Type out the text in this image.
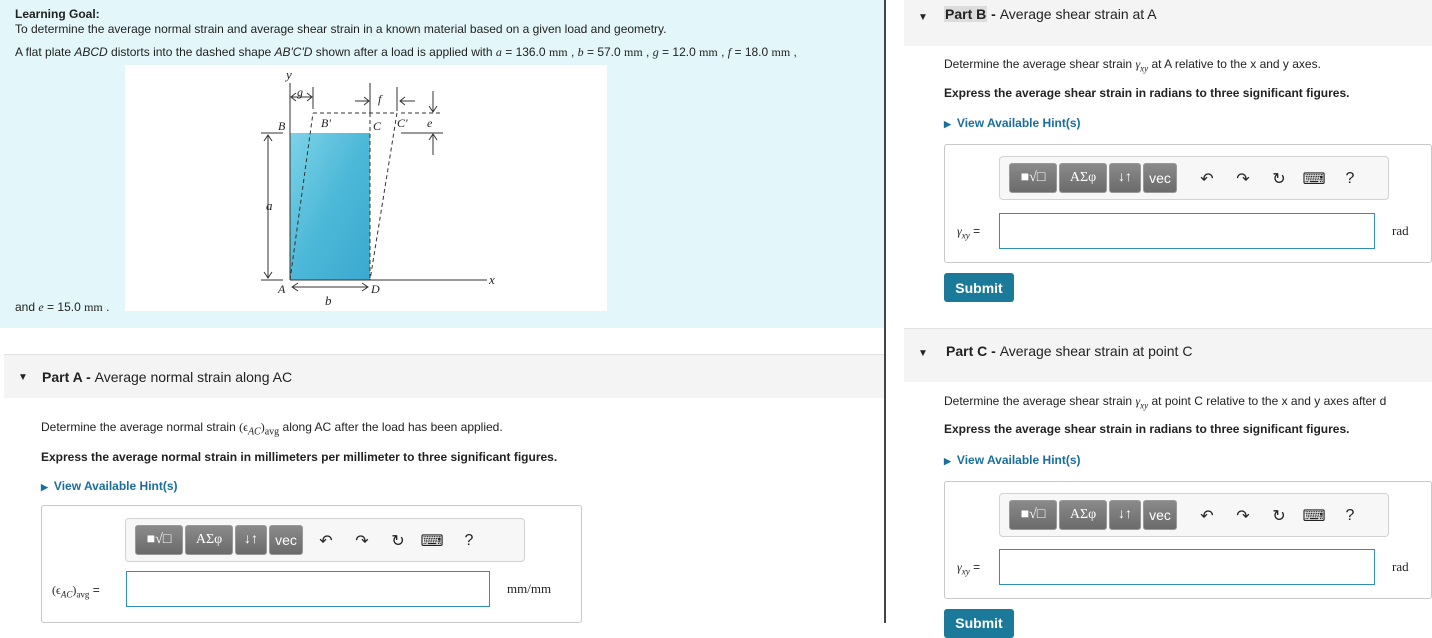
Learning Goal:
To determine the average normal strain and average shear strain in a known material based on a given load and geometry.
A flat plate ABCD distorts into the dashed shape AB'C'D shown after a load is applied with a = 136.0 mm , b = 57.0 mm , g = 12.0 mm , f = 18.0 mm ,
y
x
g	f
e
a
b
B	B'	C C'
A	D
and e = 15.0 mm .
▼ Part A - Average normal strain along AC
Determine the average normal strain $(\epsilon_{AC})_{avg}$ along AC after the load has been applied.
Express the average normal strain in millimeters per millimeter to three significant figures.
▶ View Available Hint(s)
■√□	ΑΣφ	↓↑	vec	↶	↷	↻ ⌨	?
$(\epsilon_{AC})_{avg}$ =	mm/mm
▼ Part B - Average shear strain at A
Determine the average shear strain $\gamma_{xy}$ at A relative to the x and y axes.
Express the average shear strain in radians to three significant figures.
▶ View Available Hint(s)
■√□	ΑΣφ	↓↑	vec	↶	↷	↻	⌨	?
$\gamma_{xy}$ =	rad
Submit
▼ Part C - Average shear strain at point C
Determine the average shear strain $\gamma_{xy}$ at point C relative to the x and y axes after d
Express the average shear strain in radians to three significant figures.
▶ View Available Hint(s)
■√□	ΑΣφ	↓↑	vec	↶	↷	↻	⌨	?
$\gamma_{xy}$ =	rad
Submit
